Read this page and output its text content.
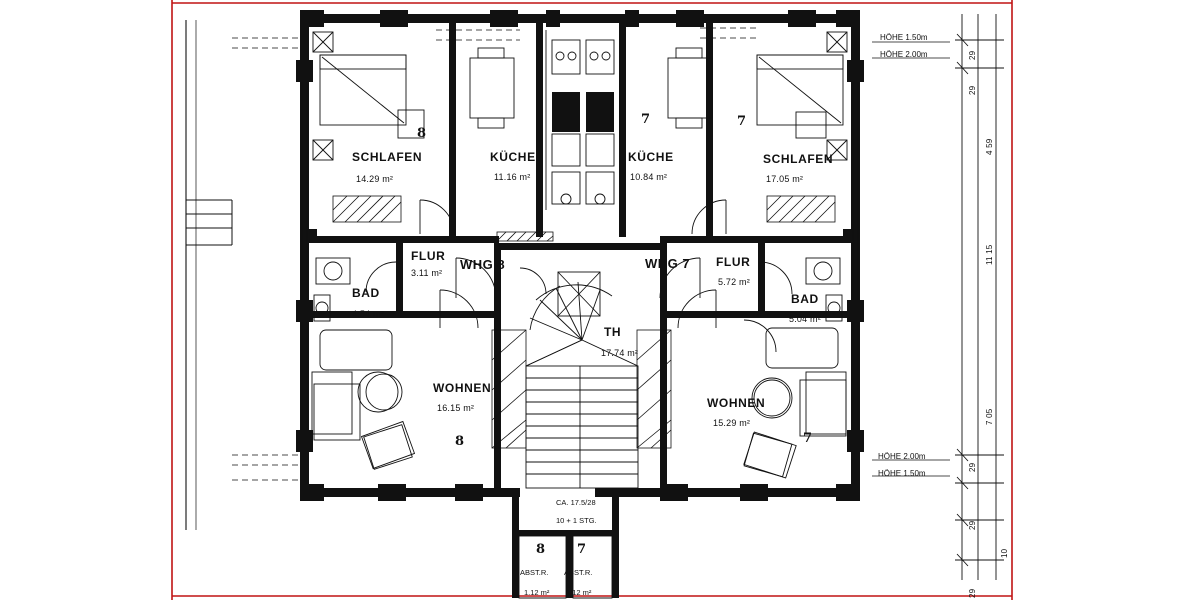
WHG 8	WHG 7
SCHLAFEN
14.29 m²
KÜCHE
11.16 m²
FLUR
3.11 m²
BAD
4.54 m²
WOHNEN
16.15 m²
KÜCHE
10.84 m²
FLUR
5.72 m²
BAD
5.04 m²
SCHLAFEN
17.05 m²
WOHNEN
15.29 m²
TH
17.74 m²
ABST.R.
1.12 m²
ABST.R.
1.12 m²
CA. 17.5/28
10 + 1 STG.
HÖHE 1.50m
HÖHE 2.00m
HÖHE 2.00m
HÖHE 1.50m
29
29
4 59
11 15
7 05
29
29
29
10
8
7	7
8	7
8 7
